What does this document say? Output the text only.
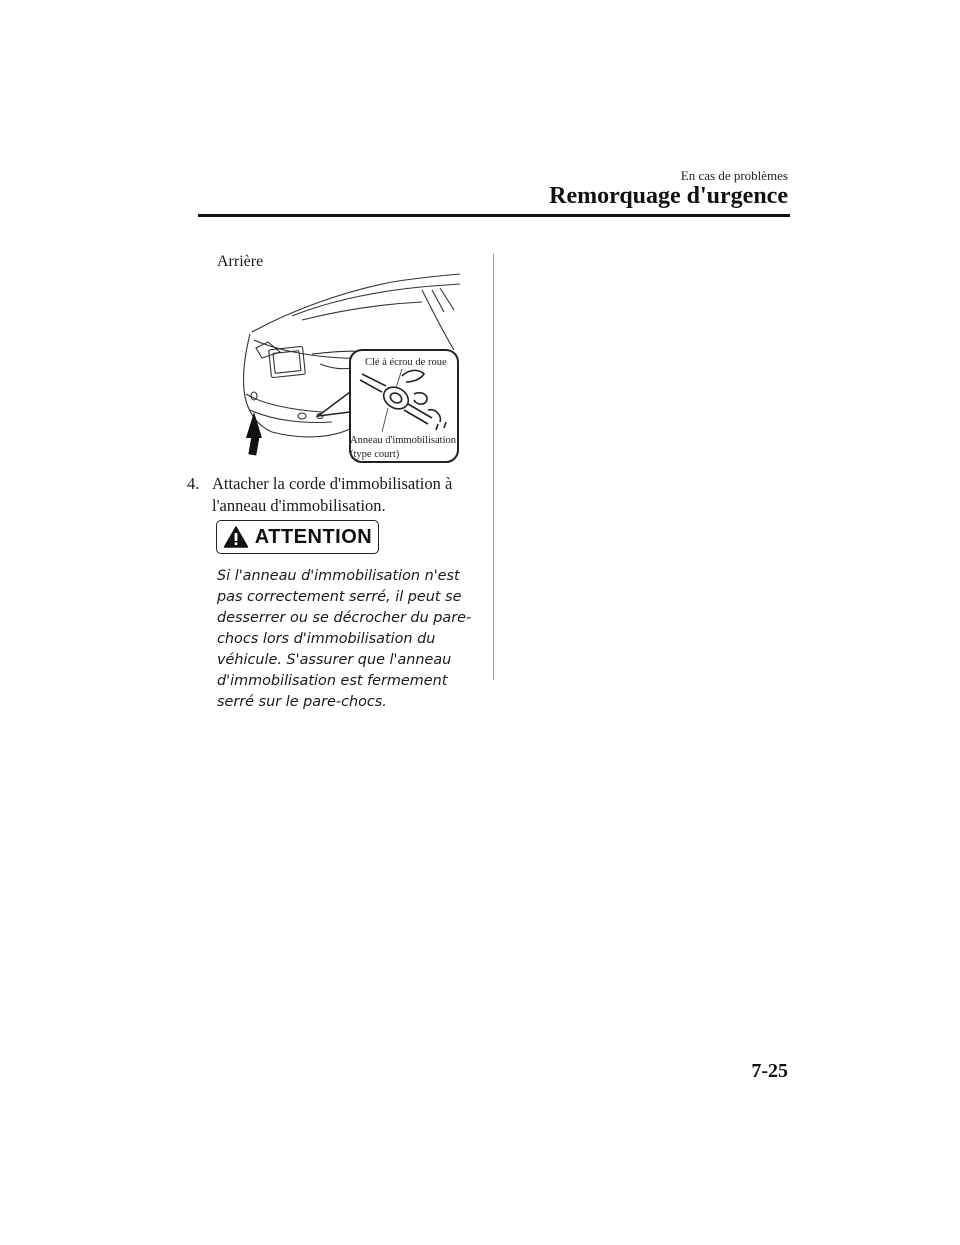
En cas de problèmes
Remorquage d'urgence
Arrière
Clé à écrou de roue
Anneau d'immobilisation
(type court)
4. Attacher la corde d'immobilisation à l'anneau d'immobilisation.
ATTENTION

Si l'anneau d'immobilisation n'est pas correctement serré, il peut se desserrer ou se décrocher du pare-chocs lors d'immobilisation du véhicule. S'assurer que l'anneau d'immobilisation est fermement serré sur le pare-chocs.

7-25
